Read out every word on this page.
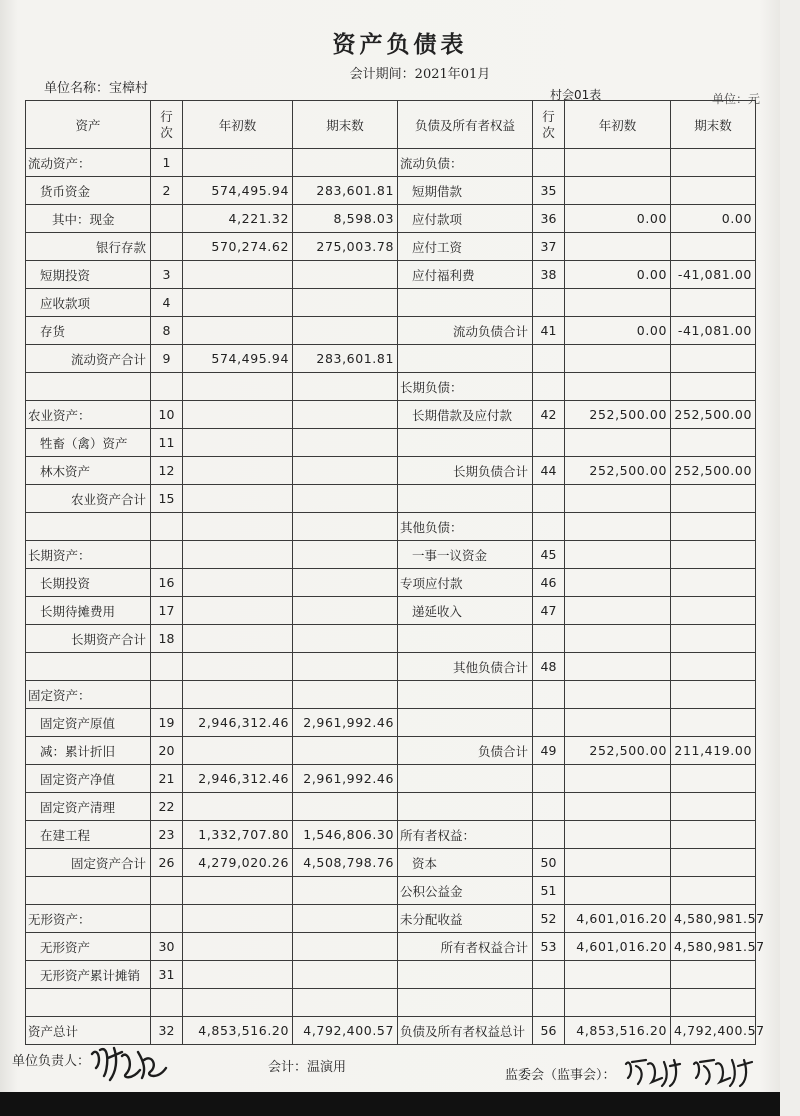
资产负债表
会计期间：2021年01月
单位名称：宝樟村	村会01表	单位：元
资产	行次	年初数	期末数	负债及所有者权益	行次	年初数	期末数
流动资产：	1			流动负债：			
货币资金	2	574,495.94	283,601.81	短期借款	35		
其中：现金		4,221.32	8,598.03	应付款项	36	0.00	0.00
银行存款		570,274.62	275,003.78	应付工资	37		
短期投资	3			应付福利费	38	0.00	-41,081.00
应收款项	4						
存货	8			流动负债合计	41	0.00	-41,081.00
流动资产合计	9	574,495.94	283,601.81				
				长期负债：			
农业资产：	10			长期借款及应付款	42	252,500.00	252,500.00
牲畜（禽）资产	11						
林木资产	12			长期负债合计	44	252,500.00	252,500.00
农业资产合计	15						
				其他负债：			
长期资产：				一事一议资金	45		
长期投资	16			专项应付款	46		
长期待摊费用	17			递延收入	47		
长期资产合计	18						
				其他负债合计	48		
固定资产：							
固定资产原值	19	2,946,312.46	2,961,992.46				
减：累计折旧	20			负债合计	49	252,500.00	211,419.00
固定资产净值	21	2,946,312.46	2,961,992.46				
固定资产清理	22						
在建工程	23	1,332,707.80	1,546,806.30	所有者权益：			
固定资产合计	26	4,279,020.26	4,508,798.76	资本	50		
				公积公益金	51		
无形资产：				未分配收益	52	4,601,016.20	4,580,981.57
无形资产	30			所有者权益合计	53	4,601,016.20	4,580,981.57
无形资产累计摊销	31						

资产总计	32	4,853,516.20	4,792,400.57	负债及所有者权益总计	56	4,853,516.20	4,792,400.57
单位负责人：	会计：温演用
监委会（监事会）：
